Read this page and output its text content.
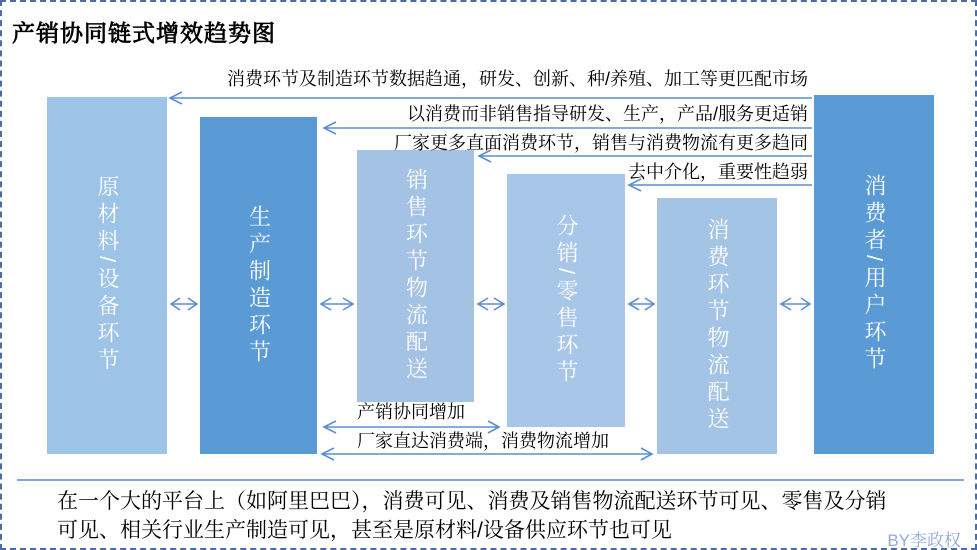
产销协同链式增效趋势图
原材料/设备环节	生产制造环节	销售环节物流配送	分销/零售环节	消费环节物流配送	消费者/用户环节
消费环节及制造环节数据趋通，研发、创新、种/养殖、加工等更匹配市场
以消费而非销售指导研发、生产，产品/服务更适销
厂家更多直面消费环节，销售与消费物流有更多趋同
去中介化，重要性趋弱
产销协同增加
厂家直达消费端，消费物流增加
在一个大的平台上（如阿里巴巴），消费可见、消费及销售物流配送环节可见、零售及分销
可见、相关行业生产制造可见，甚至是原材料/设备供应环节也可见	BY李政权
